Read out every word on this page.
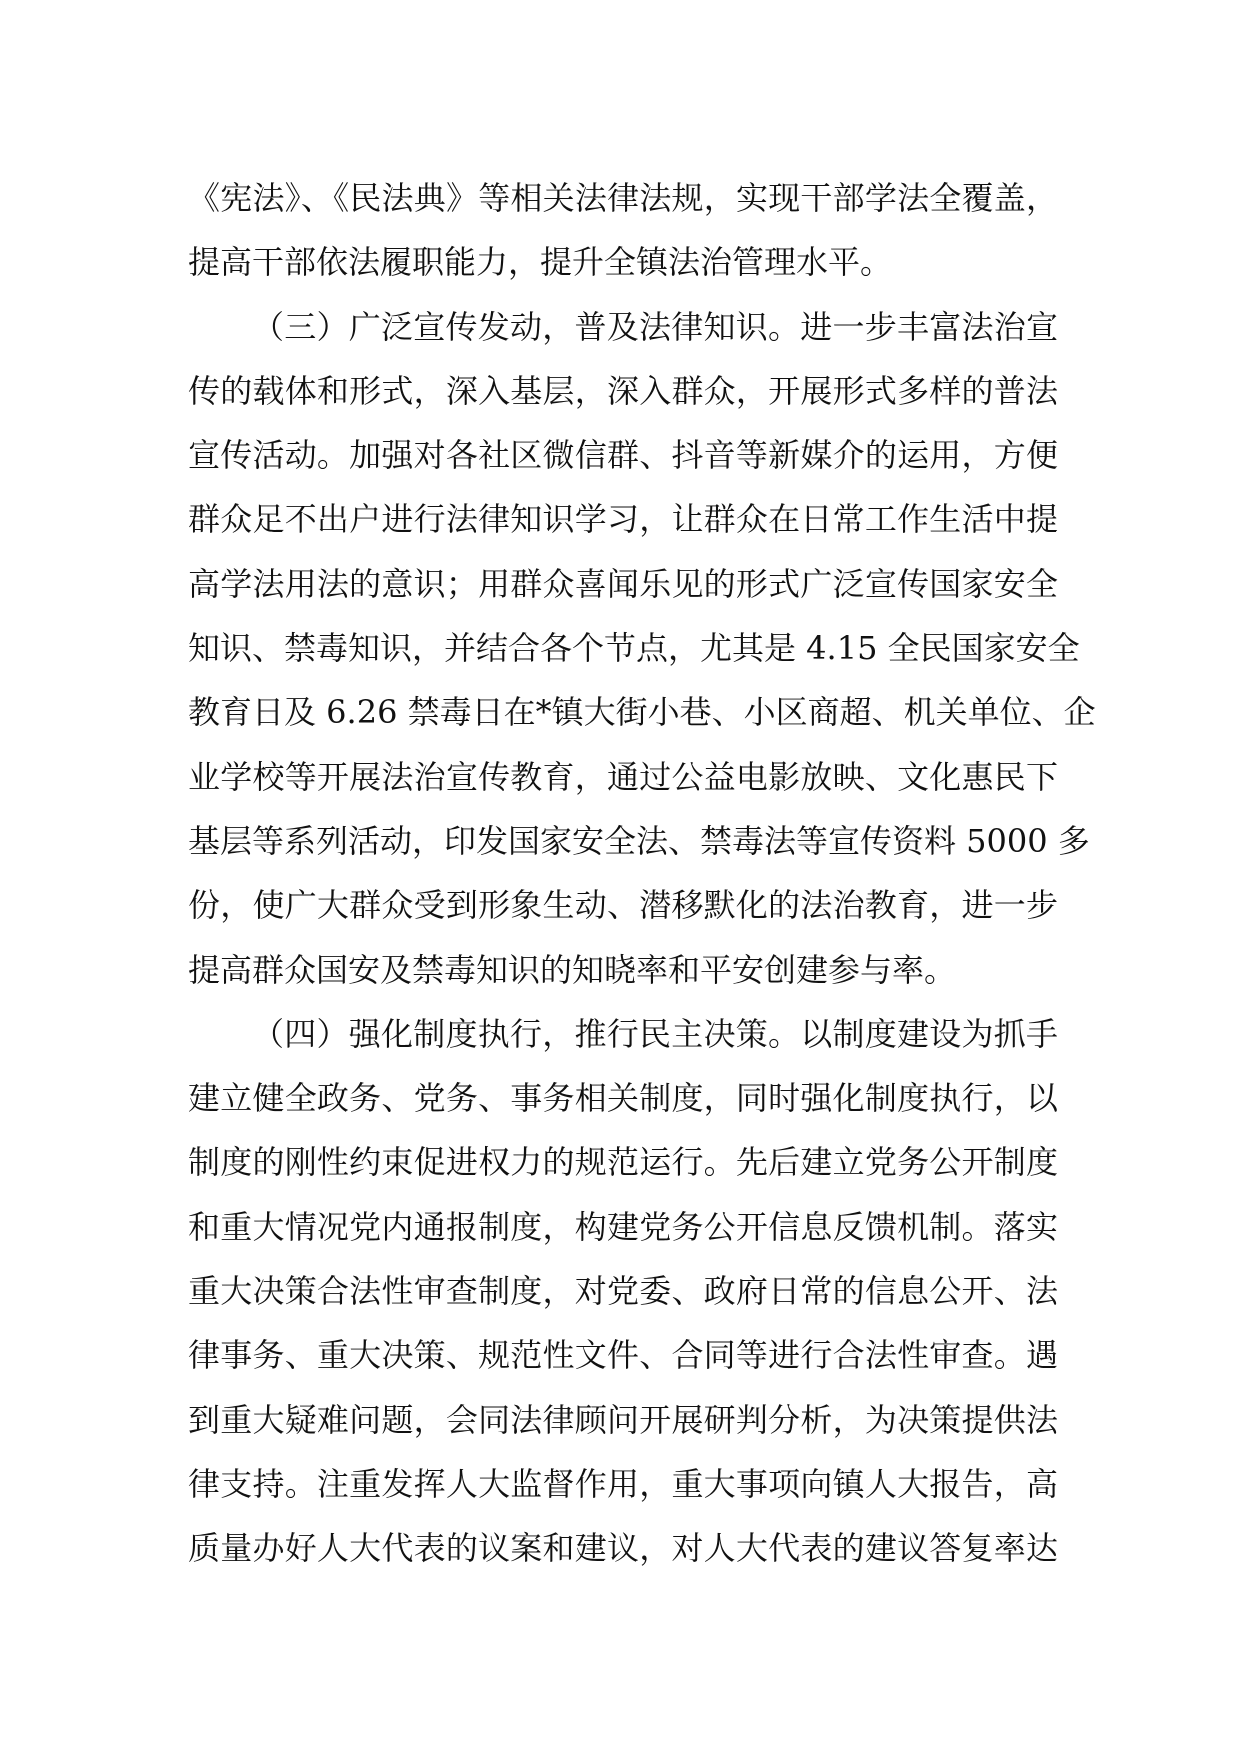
《宪法》、《民法典》等相关法律法规，实现干部学法全覆盖，
提高干部依法履职能力，提升全镇法治管理水平。
（三）广泛宣传发动，普及法律知识。进一步丰富法治宣
传的载体和形式，深入基层，深入群众，开展形式多样的普法
宣传活动。加强对各社区微信群、抖音等新媒介的运用，方便
群众足不出户进行法律知识学习，让群众在日常工作生活中提
高学法用法的意识；用群众喜闻乐见的形式广泛宣传国家安全
知识、禁毒知识，并结合各个节点，尤其是 4.15 全民国家安全
教育日及 6.26 禁毒日在*镇大街小巷、小区商超、机关单位、企
业学校等开展法治宣传教育，通过公益电影放映、文化惠民下
基层等系列活动，印发国家安全法、禁毒法等宣传资料 5000 多
份，使广大群众受到形象生动、潜移默化的法治教育，进一步
提高群众国安及禁毒知识的知晓率和平安创建参与率。
（四）强化制度执行，推行民主决策。以制度建设为抓手
建立健全政务、党务、事务相关制度，同时强化制度执行，以
制度的刚性约束促进权力的规范运行。先后建立党务公开制度
和重大情况党内通报制度，构建党务公开信息反馈机制。落实
重大决策合法性审查制度，对党委、政府日常的信息公开、法
律事务、重大决策、规范性文件、合同等进行合法性审查。遇
到重大疑难问题，会同法律顾问开展研判分析，为决策提供法
律支持。注重发挥人大监督作用，重大事项向镇人大报告，高
质量办好人大代表的议案和建议，对人大代表的建议答复率达
